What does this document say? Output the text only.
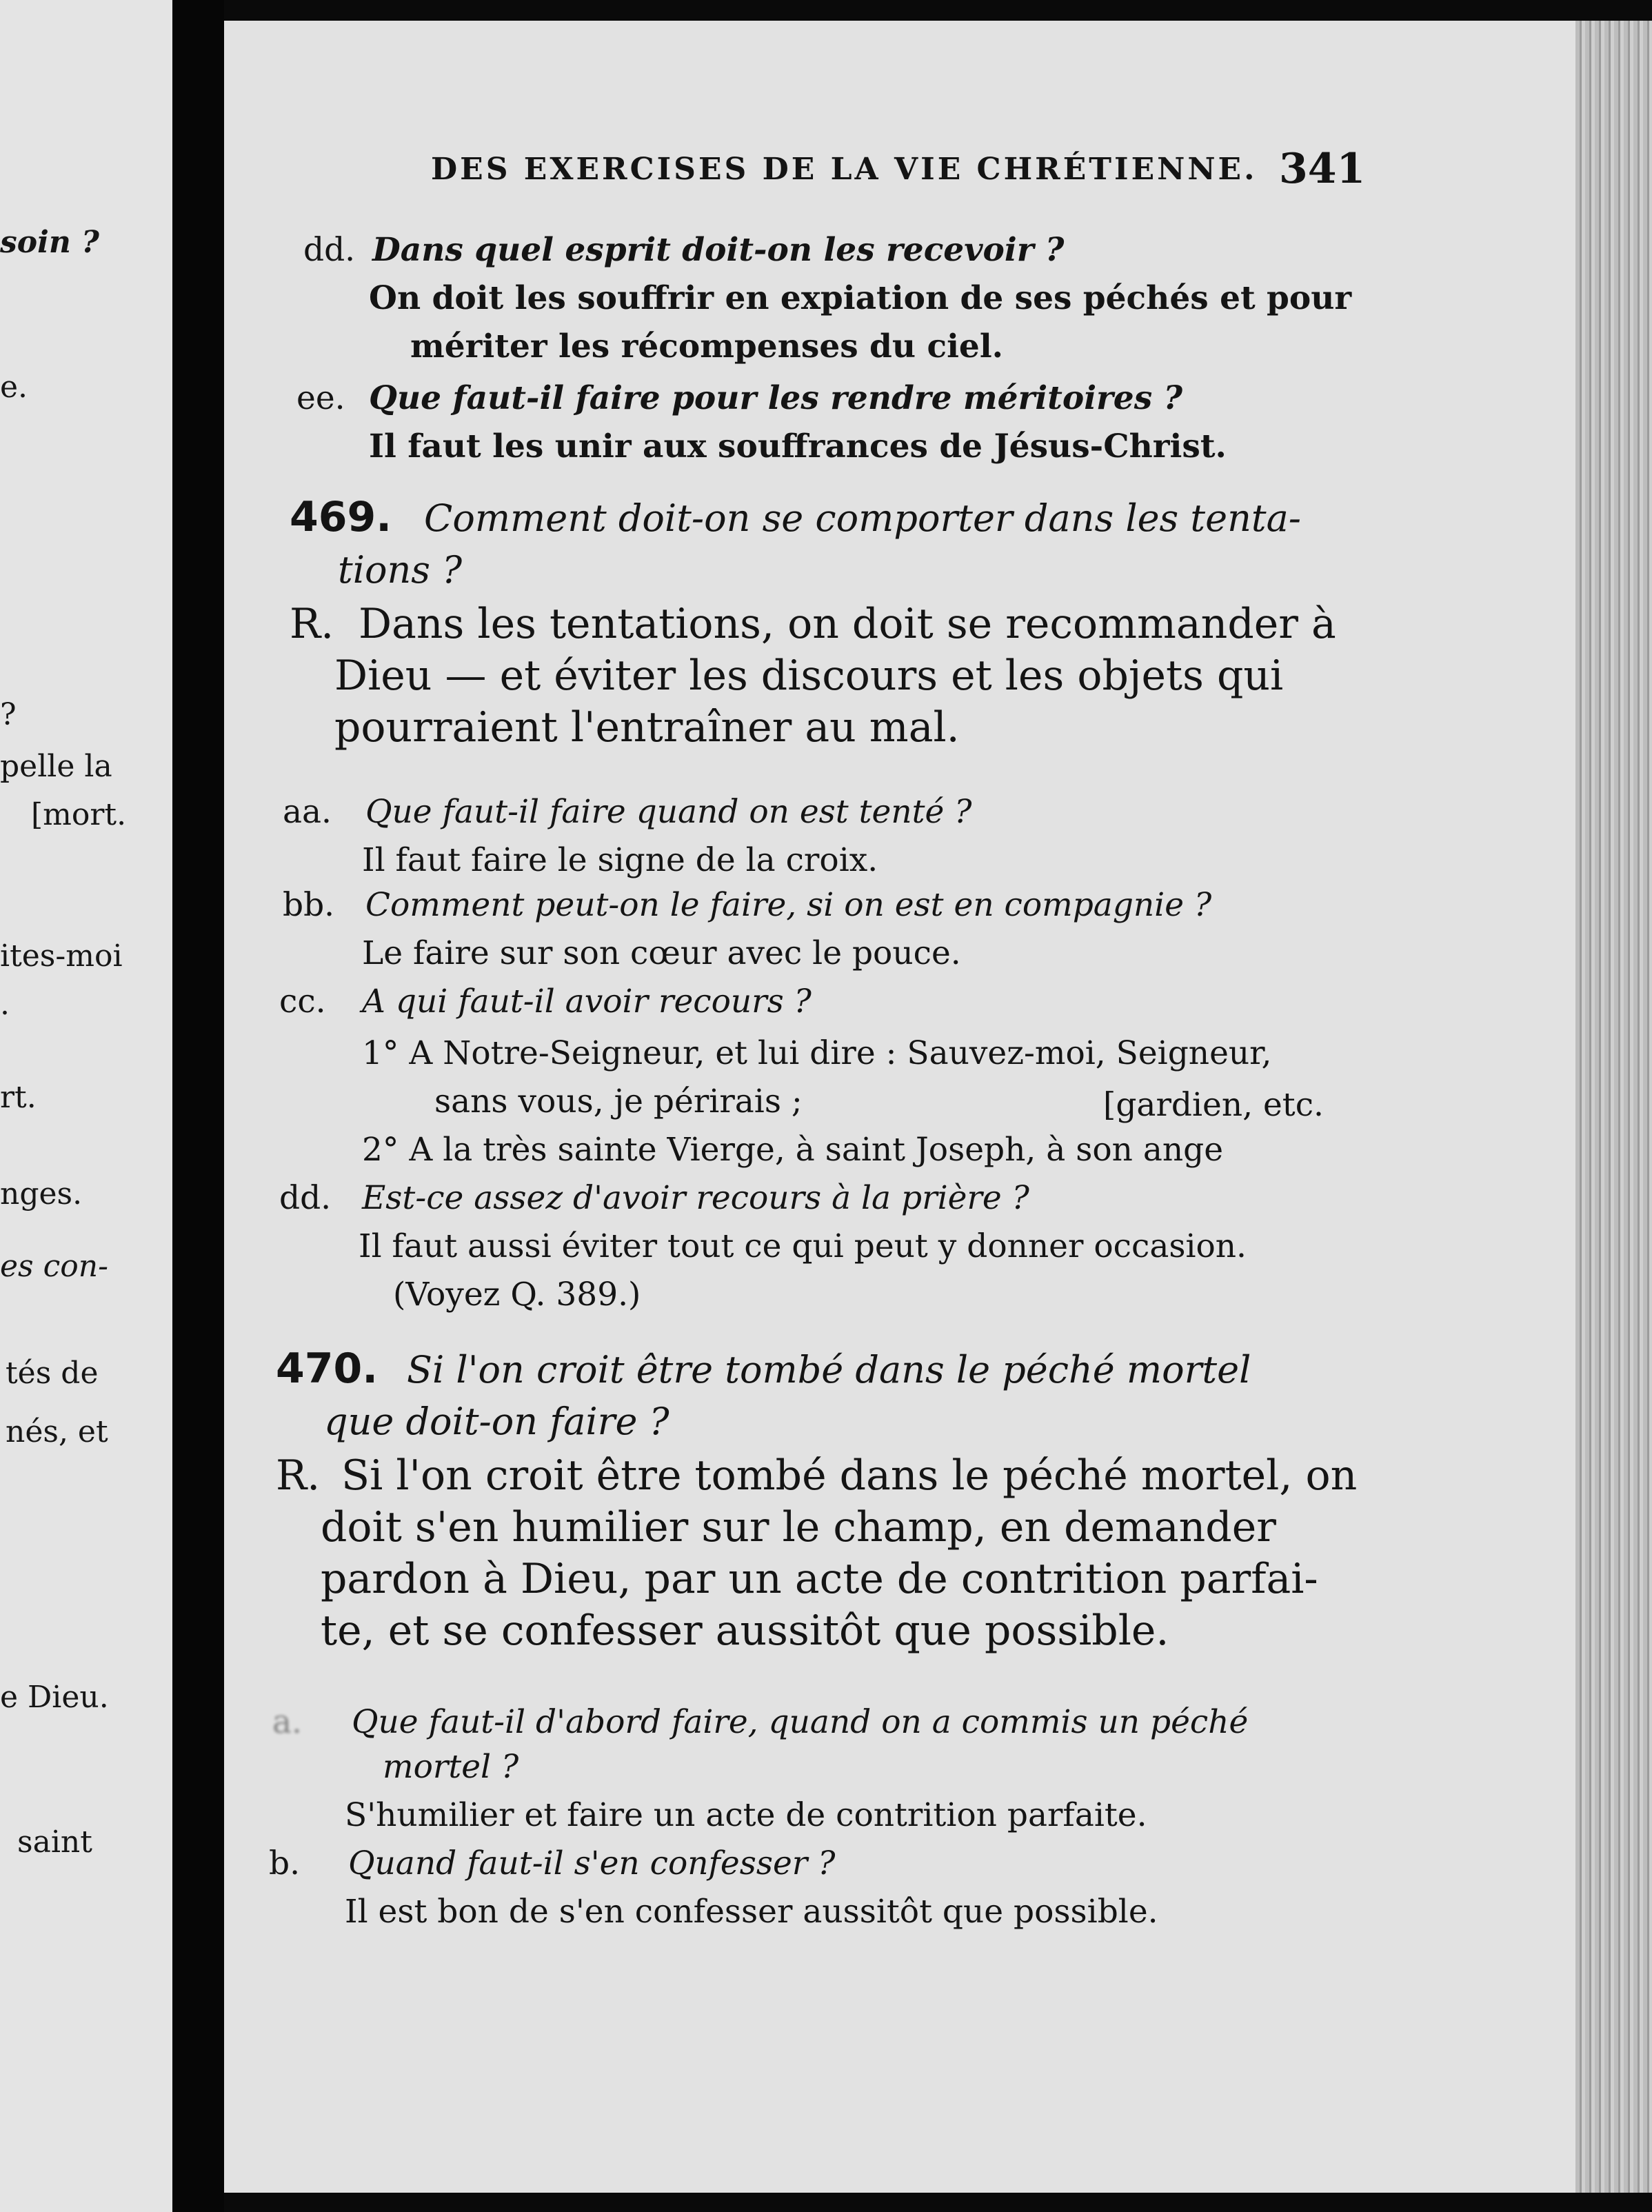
soin ?
e.
?
pelle la
[mort.
ites-moi
.
rt.
nges.
es con-
tés de
nés, et
e Dieu.
saint
DES EXERCISES DE LA VIE CHRÉTIENNE. 341
dd. Dans quel esprit doit-on les recevoir ?
On doit les souffrir en expiation de ses péchés et pour
mériter les récompenses du ciel.
ee. Que faut-il faire pour les rendre méritoires ?
Il faut les unir aux souffrances de Jésus-Christ.
469. Comment doit-on se comporter dans les tenta-
tions ?
R. Dans les tentations, on doit se recommander à
Dieu — et éviter les discours et les objets qui
pourraient l'entraîner au mal.
aa. Que faut-il faire quand on est tenté ?
Il faut faire le signe de la croix.
bb. Comment peut-on le faire, si on est en compagnie ?
Le faire sur son cœur avec le pouce.
cc. A qui faut-il avoir recours ?
1° A Notre-Seigneur, et lui dire : Sauvez-moi, Seigneur,
sans vous, je périrais ;	[gardien, etc.
2° A la très sainte Vierge, à saint Joseph, à son ange
dd. Est-ce assez d'avoir recours à la prière ?
Il faut aussi éviter tout ce qui peut y donner occasion.
(Voyez Q. 389.)
470. Si l'on croit être tombé dans le péché mortel
que doit-on faire ?
R. Si l'on croit être tombé dans le péché mortel, on
doit s'en humilier sur le champ, en demander
pardon à Dieu, par un acte de contrition parfai-
te, et se confesser aussitôt que possible.
a. Que faut-il d'abord faire, quand on a commis un péché
mortel ?
S'humilier et faire un acte de contrition parfaite.
b. Quand faut-il s'en confesser ?
Il est bon de s'en confesser aussitôt que possible.
